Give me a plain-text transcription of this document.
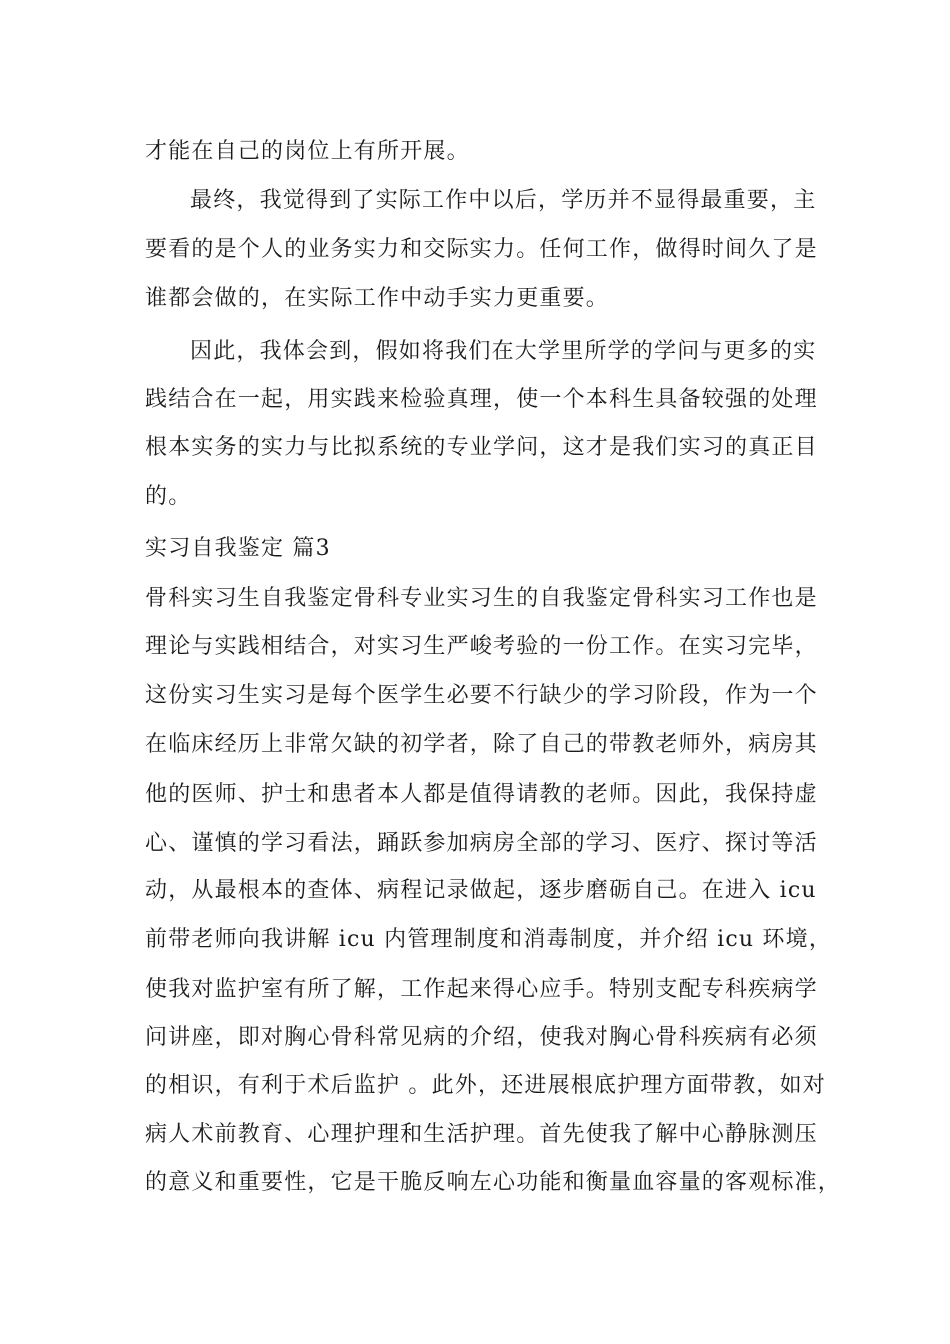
才能在自己的岗位上有所开展。

最终，我觉得到了实际工作中以后，学历并不显得最重要，主

要看的是个人的业务实力和交际实力。任何工作，做得时间久了是

谁都会做的，在实际工作中动手实力更重要。

因此，我体会到，假如将我们在大学里所学的学问与更多的实

践结合在一起，用实践来检验真理，使一个本科生具备较强的处理

根本实务的实力与比拟系统的专业学问，这才是我们实习的真正目

的。

实习自我鉴定 篇3

骨科实习生自我鉴定骨科专业实习生的自我鉴定骨科实习工作也是

理论与实践相结合，对实习生严峻考验的一份工作。在实习完毕，

这份实习生实习是每个医学生必要不行缺少的学习阶段，作为一个

在临床经历上非常欠缺的初学者，除了自己的带教老师外，病房其

他的医师、护士和患者本人都是值得请教的老师。因此，我保持虚

心、谨慎的学习看法，踊跃参加病房全部的学习、医疗、探讨等活

动，从最根本的查体、病程记录做起，逐步磨砺自己。在进入 icu

前带老师向我讲解 icu 内管理制度和消毒制度，并介绍 icu 环境，

使我对监护室有所了解，工作起来得心应手。特别支配专科疾病学

问讲座，即对胸心骨科常见病的介绍，使我对胸心骨科疾病有必须

的相识，有利于术后监护 。此外，还进展根底护理方面带教，如对

病人术前教育、心理护理和生活护理。首先使我了解中心静脉测压

的意义和重要性，它是干脆反响左心功能和衡量血容量的客观标准，
